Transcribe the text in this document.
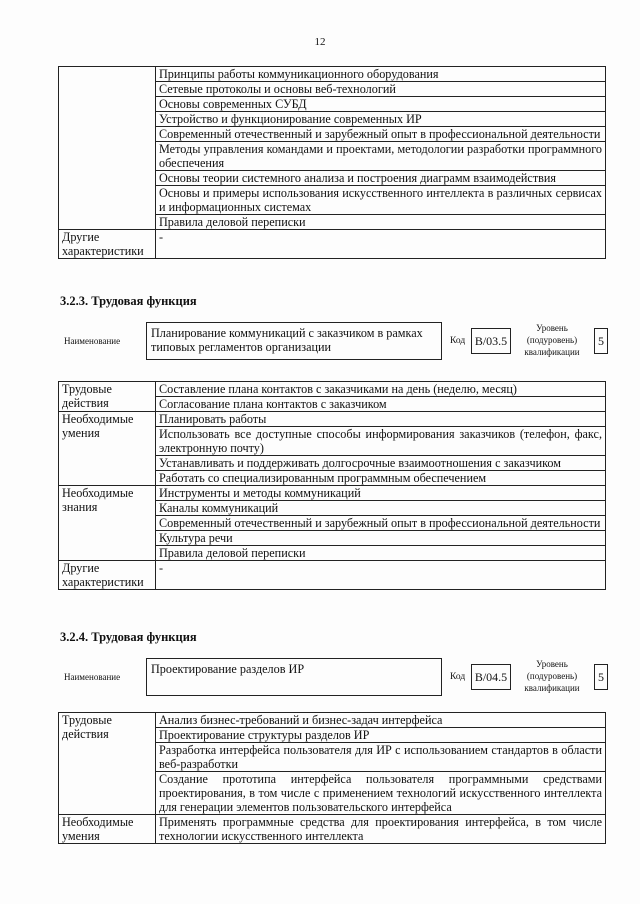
12
	Принципы работы коммуникационного оборудования
	Сетевые протоколы и основы веб-технологий
	Основы современных СУБД
	Устройство и функционирование современных ИР
	Современный отечественный и зарубежный опыт в профессиональной деятельности
	Методы управления командами и проектами, методологии разработки программного обеспечения
	Основы теории системного анализа и построения диаграмм взаимодействия
	Основы и примеры использования искусственного интеллекта в различных сервисах и информационных системах
	Правила деловой переписки
Другие характеристики	-
3.2.3. Трудовая функция
Наименование
Планирование коммуникаций с заказчиком в рамках типовых регламентов организации	Код В/03.5
Уровень (подуровень) квалификации
5
Трудовые действия	Составление плана контактов с заказчиками на день (неделю, месяц)
	Согласование плана контактов с заказчиком
Необходимые умения	Планировать работы
	Использовать все доступные способы информирования заказчиков (телефон, факс, электронную почту)
	Устанавливать и поддерживать долгосрочные взаимоотношения с заказчиком
	Работать со специализированным программным обеспечением
Необходимые знания	Инструменты и методы коммуникаций
	Каналы коммуникаций
	Современный отечественный и зарубежный опыт в профессиональной деятельности
	Культура речи
	Правила деловой переписки
Другие характеристики	-
3.2.4. Трудовая функция
Наименование
Проектирование разделов ИР
Код В/04.5
Уровень (подуровень) квалификации
5
Трудовые действия	Анализ бизнес-требований и бизнес-задач интерфейса
	Проектирование структуры разделов ИР
	Разработка интерфейса пользователя для ИР с использованием стандартов в области веб-разработки
	Создание прототипа интерфейса пользователя программными средствами проектирования, в том числе с применением технологий искусственного интеллекта для генерации элементов пользовательского интерфейса
Необходимые умения	Применять программные средства для проектирования интерфейса, в том числе технологии искусственного интеллекта
